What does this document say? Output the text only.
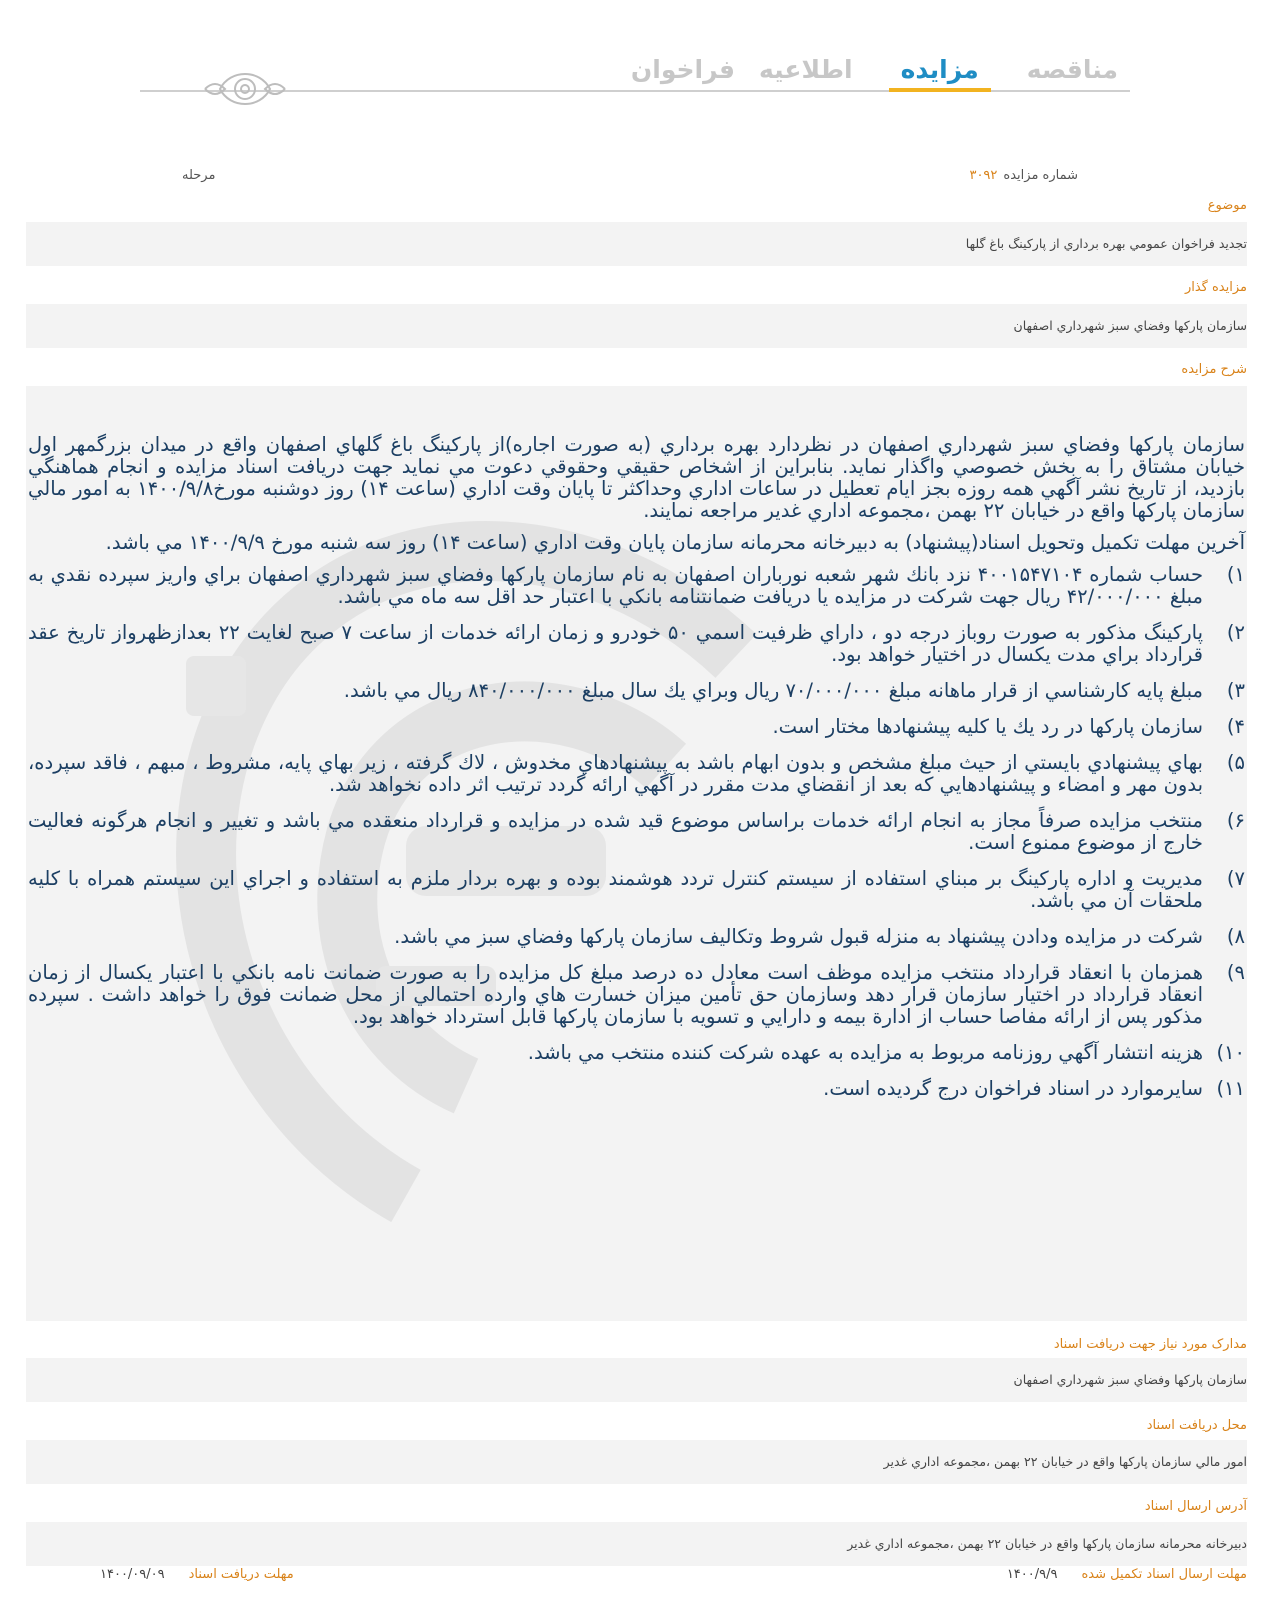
مناقصه
مزایده
اطلاعیه
فراخوان
شماره مزايده۳۰۹۲
مرحله
موضوع
تجديد فراخوان عمومي بهره برداري از پاركينگ باغ گلها
مزايده گذار
سازمان پاركها وفضاي سبز شهرداري اصفهان
شرح مزايده

سازمان پاركها وفضاي سبز شهرداري اصفهان در نظردارد بهره برداري (به صورت اجاره)از پاركينگ باغ گلهاي اصفهان واقع در ميدان بزرگمهر اول خيابان مشتاق را به بخش خصوصي واگذار نمايد. بنابراين از اشخاص حقيقي وحقوقي دعوت مي نمايد جهت دريافت اسناد مزايده و انجام هماهنگي بازديد، از تاريخ نشر آگهي همه روزه بجز ايام تعطيل در ساعات اداري وحداكثر تا پايان وقت اداري (ساعت ۱۴) روز دوشنبه مورخ۱۴۰۰/۹/۸ به امور مالي سازمان پاركها واقع در خيابان ۲۲ بهمن ،مجموعه اداري غدير مراجعه نمايند.

آخرين مهلت تكميل وتحويل اسناد(پيشنهاد) به دبيرخانه محرمانه سازمان پايان وقت اداري (ساعت ۱۴) روز سه شنبه مورخ ۱۴۰۰/۹/۹ مي باشد.

۱)
حساب شماره ۴۰۰۱۵۴۷۱۰۴ نزد بانك شهر شعبه نورباران اصفهان به نام سازمان پاركها وفضاي سبز شهرداري اصفهان براي واريز سپرده نقدي به مبلغ ۴۲/۰۰۰/۰۰۰ ريال جهت شركت در مزايده يا دريافت ضمانتنامه بانكي با اعتبار حد اقل سه ماه مي باشد.
۲)
پاركينگ مذكور به صورت روباز درجه دو ، داراي ظرفيت اسمي ۵۰ خودرو و زمان ارائه خدمات از ساعت ۷ صبح لغايت ۲۲ بعدازظهرواز تاريخ عقد قرارداد براي مدت يكسال در اختيار خواهد بود.
۳)
مبلغ پايه كارشناسي از قرار ماهانه مبلغ ۷۰/۰۰۰/۰۰۰ ريال وبراي يك سال مبلغ ۸۴۰/۰۰۰/۰۰۰ ريال مي باشد.
۴)
سازمان پاركها در رد يك يا كليه پيشنهادها مختار است.
۵)
بهاي پيشنهادي بايستي از حيث مبلغ مشخص و بدون ابهام باشد به پيشنهادهاي مخدوش ، لاك گرفته ، زير بهاي پايه، مشروط ، مبهم ، فاقد سپرده، بدون مهر و امضاء و پيشنهادهايي كه بعد از انقضاي مدت مقرر در آگهي ارائه گردد ترتيب اثر داده نخواهد شد.
۶)
منتخب مزايده صرفاً مجاز به انجام ارائه خدمات براساس موضوع قيد شده در مزايده و قرارداد منعقده مي باشد و تغيير و انجام هرگونه فعاليت خارج از موضوع ممنوع است.
۷)
مديريت و اداره پاركينگ بر مبناي استفاده از سيستم كنترل تردد هوشمند بوده و بهره بردار ملزم به استفاده و اجراي اين سيستم همراه با كليه ملحقات آن مي باشد.
۸)
شركت در مزايده ودادن پيشنهاد به منزله قبول شروط وتكاليف سازمان پاركها وفضاي سبز مي باشد.
۹)
همزمان با انعقاد قرارداد منتخب مزايده موظف است معادل ده درصد مبلغ كل مزايده را به صورت ضمانت نامه بانكي با اعتبار يكسال از زمان انعقاد قرارداد در اختيار سازمان قرار دهد وسازمان حق تأمين ميزان خسارت هاي وارده احتمالي از محل ضمانت فوق را خواهد داشت . سپرده مذكور پس از ارائه مفاصا حساب از ادارة بيمه و دارايي و تسويه با سازمان پاركها قابل استرداد خواهد بود.
۱۰)
هزينه انتشار آگهي روزنامه مربوط به مزايده به عهده شركت كننده منتخب مي باشد.
۱۱)
سايرموارد در اسناد فراخوان درج گرديده است.
مدارک مورد نیاز جهت دریافت اسناد
سازمان پاركها وفضاي سبز شهرداري اصفهان
محل دریافت اسناد
امور مالي سازمان پاركها واقع در خيابان ٢٢ بهمن ،مجموعه اداري غدير
آدرس ارسال اسناد
دبيرخانه محرمانه سازمان پاركها واقع در خيابان ٢٢ بهمن ،مجموعه اداري غدير
مهلت ارسال اسناد تکمیل شده۱۴۰۰/۹/۹
مهلت دریافت اسناد۱۴۰۰/۰۹/۰۹
